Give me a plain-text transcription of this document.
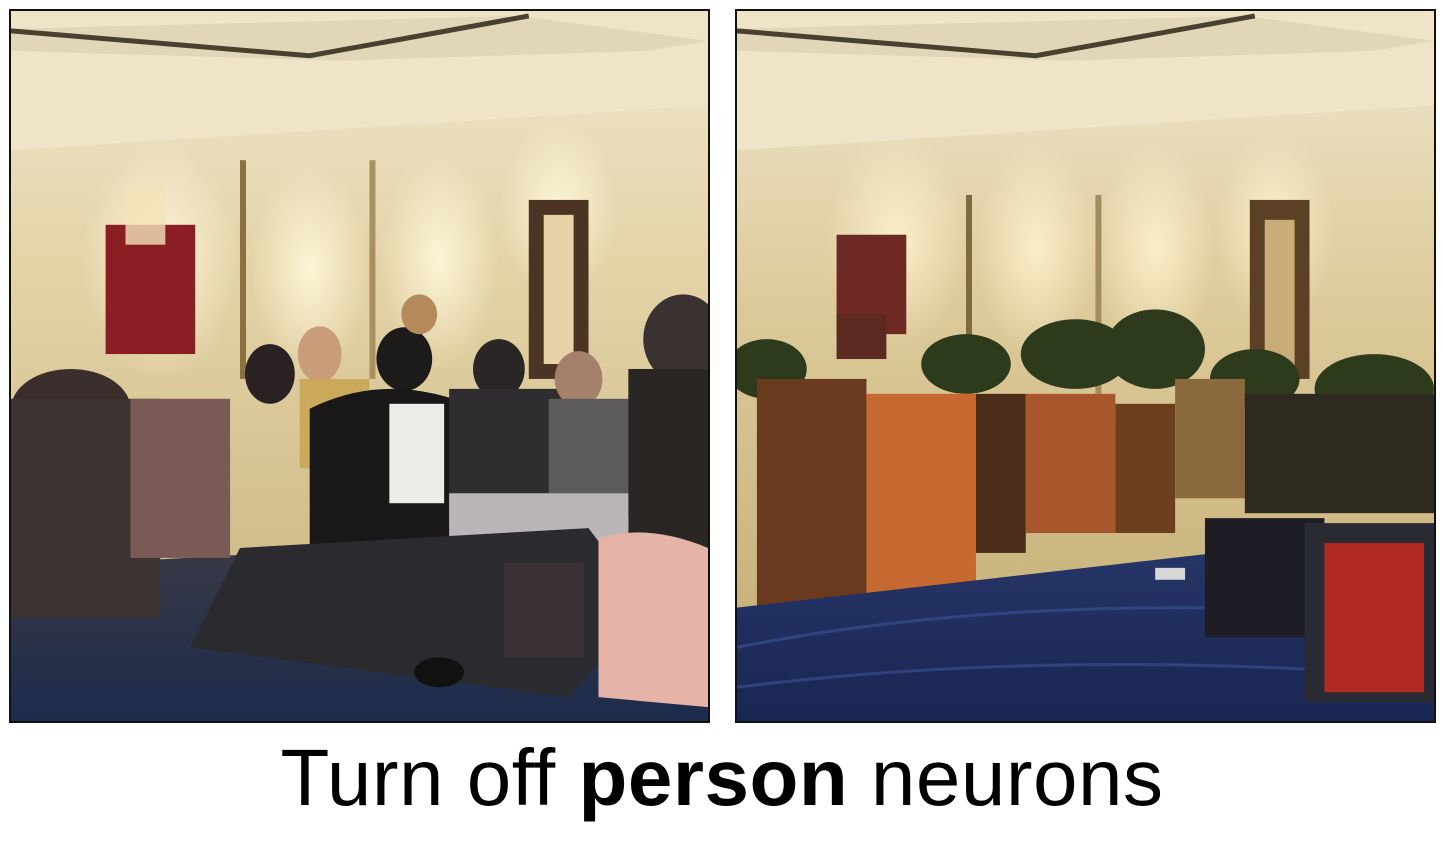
Turn off person neurons
